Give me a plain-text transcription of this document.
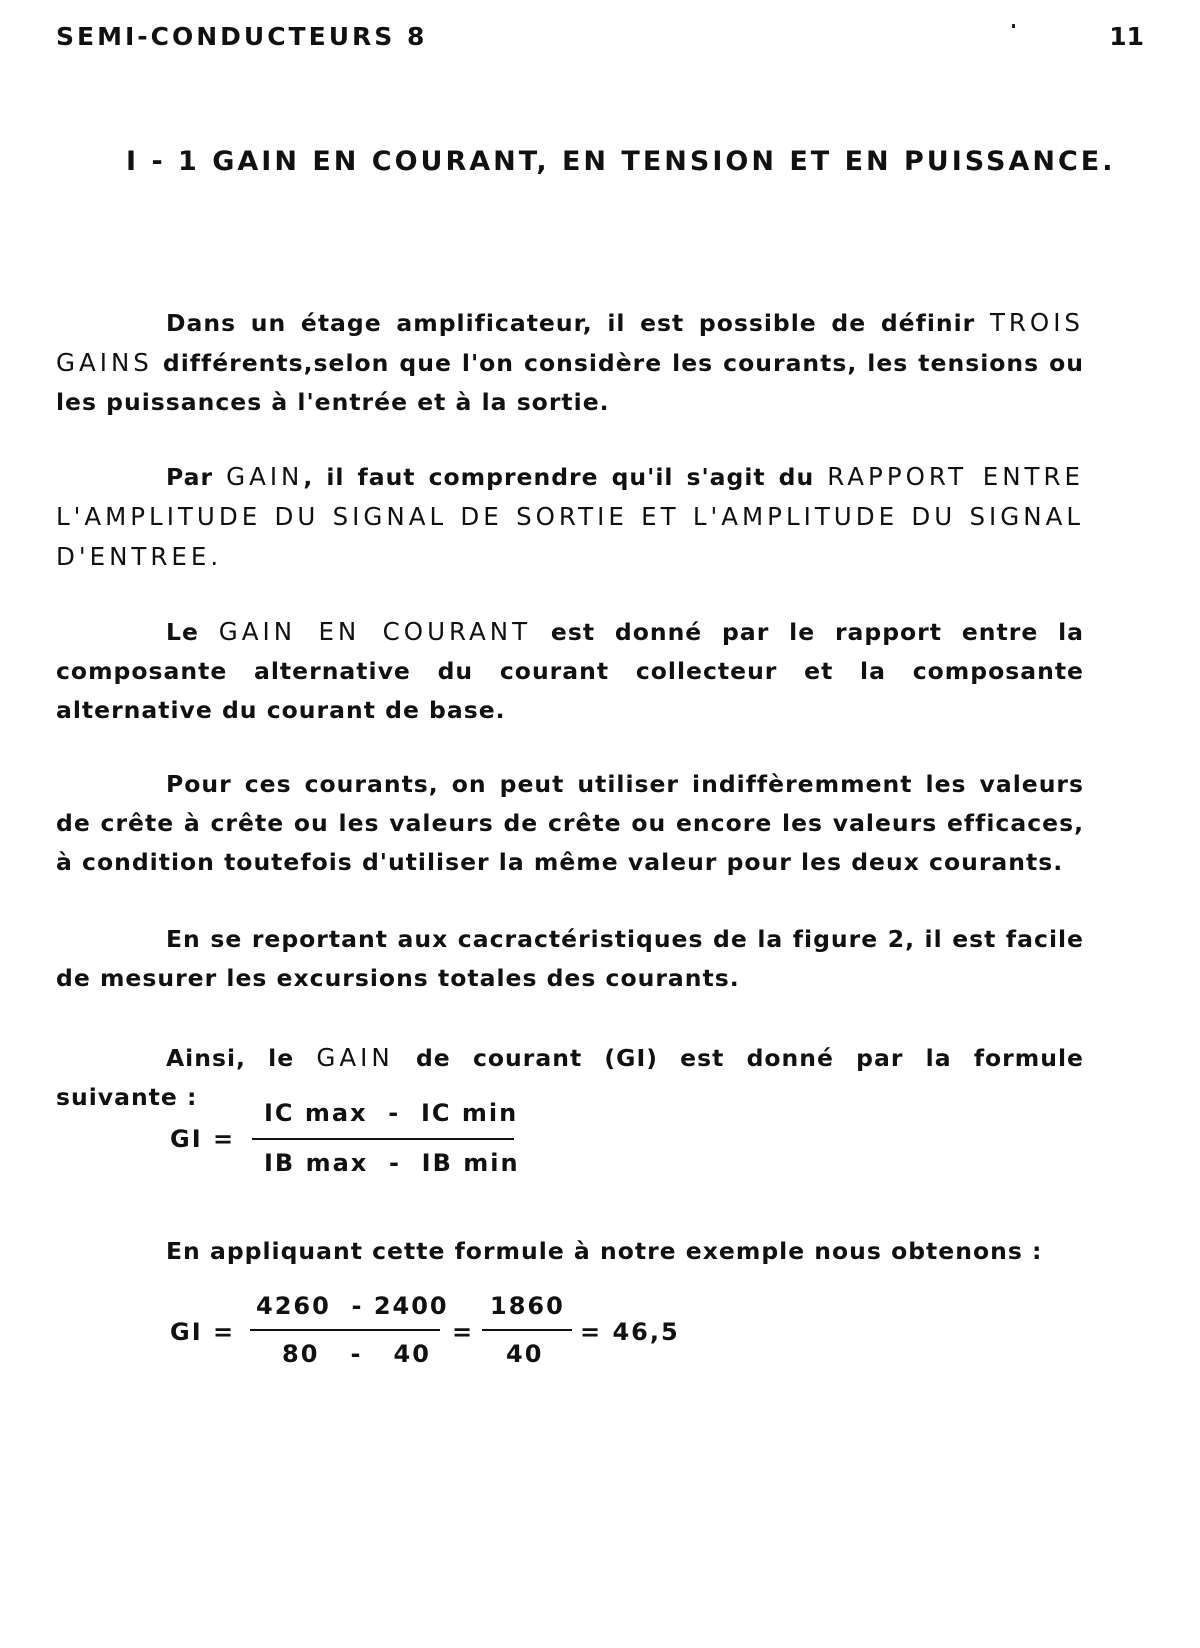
SEMI-CONDUCTEURS 8	11
I - 1 GAIN EN COURANT, EN TENSION ET EN PUISSANCE.
Dans un étage amplificateur, il est possible de définir TROIS GAINS différents,selon que l'on considère les courants, les tensions ou les puissances à l'entrée et à la sortie.
Par GAIN, il faut comprendre qu'il s'agit du RAPPORT ENTRE L'AMPLITUDE DU SIGNAL DE SORTIE ET L'AMPLITUDE DU SIGNAL D'ENTREE.
Le GAIN EN COURANT est donné par le rapport entre la composante alternative du courant collecteur et la composante alternative du courant de base.
Pour ces courants, on peut utiliser indiffèremment les valeurs de crête à crête ou les valeurs de crête ou encore les valeurs efficaces, à condition toutefois d'utiliser la même valeur pour les deux courants.
En se reportant aux cacractéristiques de la figure 2, il est facile de mesurer les excursions totales des courants.
Ainsi, le GAIN de courant (GI) est donné par la formule suivante :
GI =
IC max  -  IC min
IB max  -  IB min
En appliquant cette formule à notre exemple nous obtenons :
GI =
4260  - 2400
80   -   40
=
1860
40
= 46,5
